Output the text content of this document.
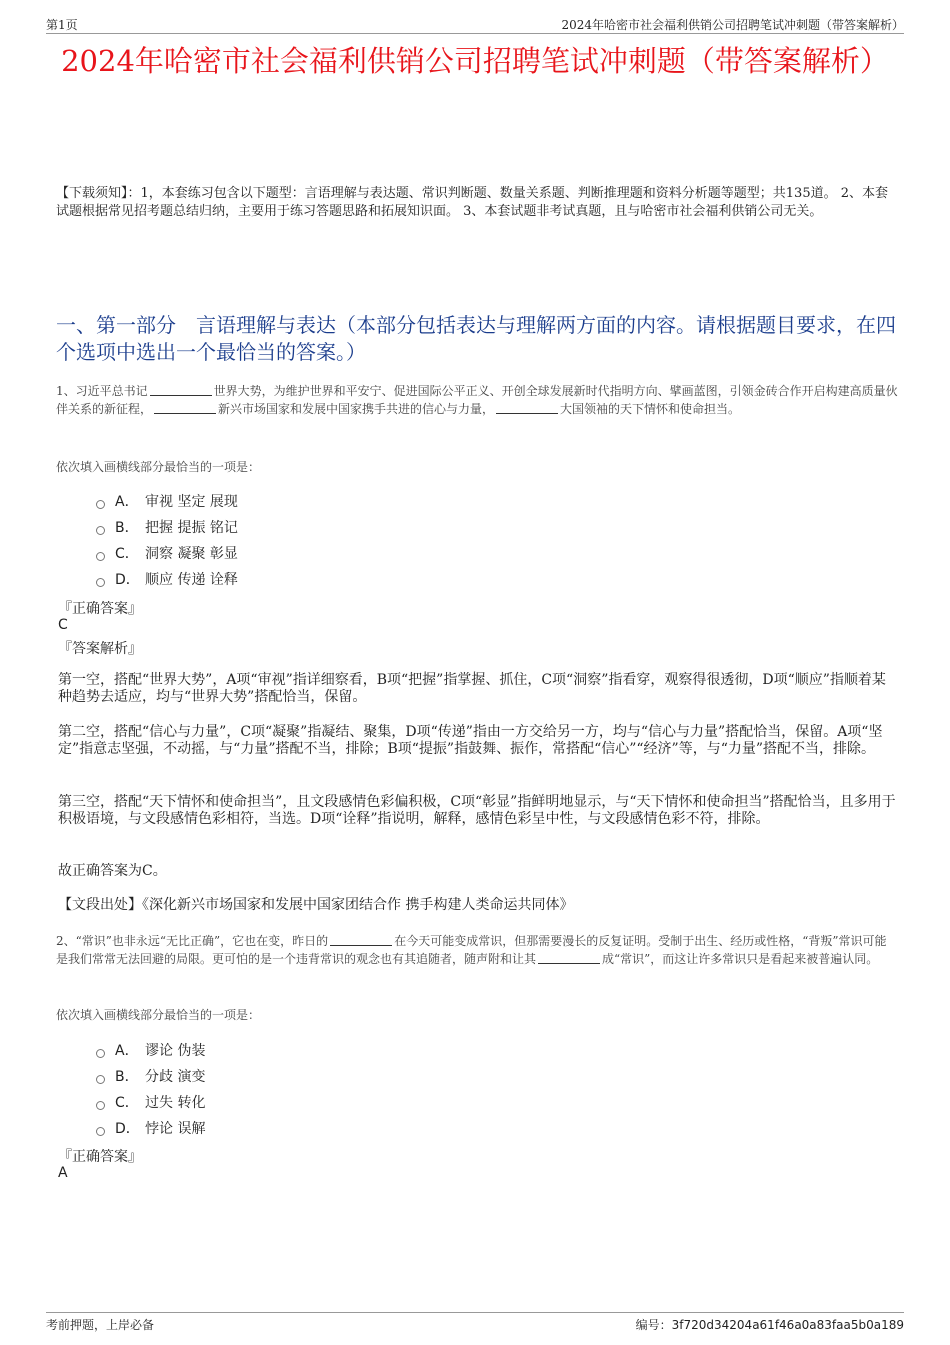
第1页	2024年哈密市社会福利供销公司招聘笔试冲刺题（带答案解析）
2024年哈密市社会福利供销公司招聘笔试冲刺题（带答案解析）

【下载须知】：1，本套练习包含以下题型：言语理解与表达题、常识判断题、数量关系题、判断推理题和资料分析题等题型；共135道。 2、本套试题根据常见招考题总结归纳，主要用于练习答题思路和拓展知识面。 3、本套试题非考试真题，且与哈密市社会福利供销公司无关。

一、第一部分　言语理解与表达（本部分包括表达与理解两方面的内容。请根据题目要求，在四个选项中选出一个最恰当的答案。）

1、习近平总书记	世界大势，为维护世界和平安宁、促进国际公平正义、开创全球发展新时代指明方向、擘画蓝图，引领金砖合作开启构建高质量伙伴关系的新征程，	新兴市场国家和发展中国家携手共进的信心与力量，	大国领袖的天下情怀和使命担当。

依次填入画横线部分最恰当的一项是：

A． 审视 坚定 展现
B． 把握 提振 铭记
C． 洞察 凝聚 彰显
D． 顺应 传递 诠释

『正确答案』

C

『答案解析』

第一空，搭配“世界大势”，A项“审视”指详细察看，B项“把握”指掌握、抓住，C项“洞察”指看穿，观察得很透彻，D项“顺应”指顺着某种趋势去适应，均与“世界大势”搭配恰当，保留。

第二空，搭配“信心与力量”，C项“凝聚”指凝结、聚集，D项“传递”指由一方交给另一方，均与“信心与力量”搭配恰当，保留。A项“坚定”指意志坚强，不动摇，与“力量”搭配不当，排除；B项“提振”指鼓舞、振作，常搭配“信心”“经济”等，与“力量”搭配不当，排除。

第三空，搭配“天下情怀和使命担当”，且文段感情色彩偏积极，C项“彰显”指鲜明地显示，与“天下情怀和使命担当”搭配恰当，且多用于积极语境，与文段感情色彩相符，当选。D项“诠释”指说明，解释，感情色彩呈中性，与文段感情色彩不符，排除。

故正确答案为C。

【文段出处】《深化新兴市场国家和发展中国家团结合作 携手构建人类命运共同体》

2、“常识”也非永远“无比正确”，它也在变，昨日的	在今天可能变成常识，但那需要漫长的反复证明。受制于出生、经历或性格，“背叛”常识可能是我们常常无法回避的局限。更可怕的是一个违背常识的观念也有其追随者，随声附和让其	成“常识”，而这让许多常识只是看起来被普遍认同。

依次填入画横线部分最恰当的一项是：

A． 谬论 伪装
B． 分歧 演变
C． 过失 转化
D． 悖论 误解

『正确答案』

A

考前押题，上岸必备	编号：3f720d34204a61f46a0a83faa5b0a189
